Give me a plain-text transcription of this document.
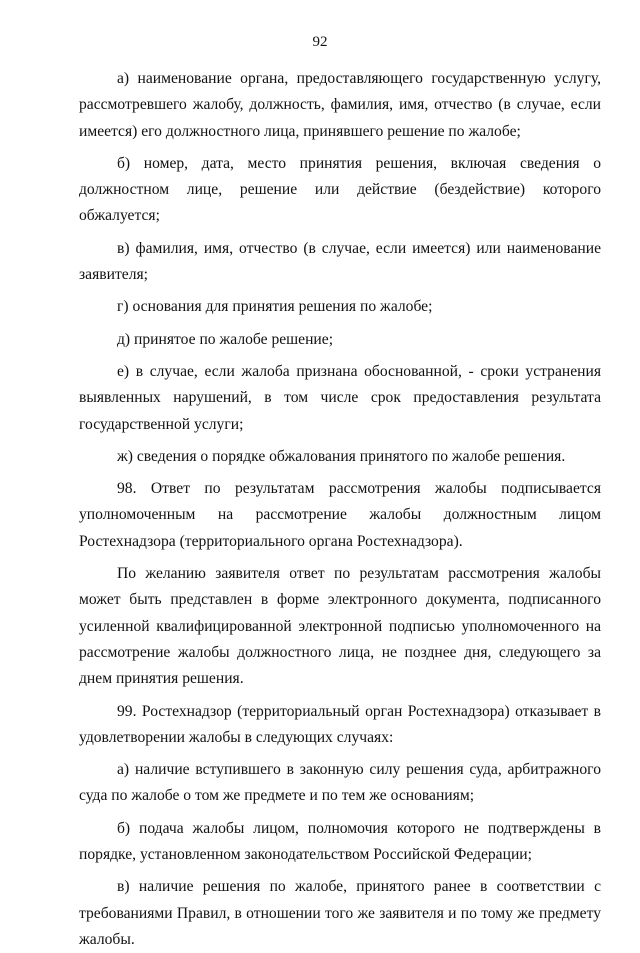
92

а) наименование органа, предоставляющего государственную услугу, рассмотревшего жалобу, должность, фамилия, имя, отчество (в случае, если имеется) его должностного лица, принявшего решение по жалобе;

б) номер, дата, место принятия решения, включая сведения о должностном лице, решение или действие (бездействие) которого обжалуется;

в) фамилия, имя, отчество (в случае, если имеется) или наименование заявителя;

г) основания для принятия решения по жалобе;

д) принятое по жалобе решение;

е) в случае, если жалоба признана обоснованной, - сроки устранения выявленных нарушений, в том числе срок предоставления результата государственной услуги;

ж) сведения о порядке обжалования принятого по жалобе решения.

98. Ответ по результатам рассмотрения жалобы подписывается уполномоченным на рассмотрение жалобы должностным лицом Ростехнадзора (территориального органа Ростехнадзора).

По желанию заявителя ответ по результатам рассмотрения жалобы может быть представлен в форме электронного документа, подписанного усиленной квалифицированной электронной подписью уполномоченного на рассмотрение жалобы должностного лица, не позднее дня, следующего за днем принятия решения.

99. Ростехнадзор (территориальный орган Ростехнадзора) отказывает в удовлетворении жалобы в следующих случаях:

а) наличие вступившего в законную силу решения суда, арбитражного суда по жалобе о том же предмете и по тем же основаниям;

б) подача жалобы лицом, полномочия которого не подтверждены в порядке, установленном законодательством Российской Федерации;

в) наличие решения по жалобе, принятого ранее в соответствии с требованиями Правил, в отношении того же заявителя и по тому же предмету жалобы.
